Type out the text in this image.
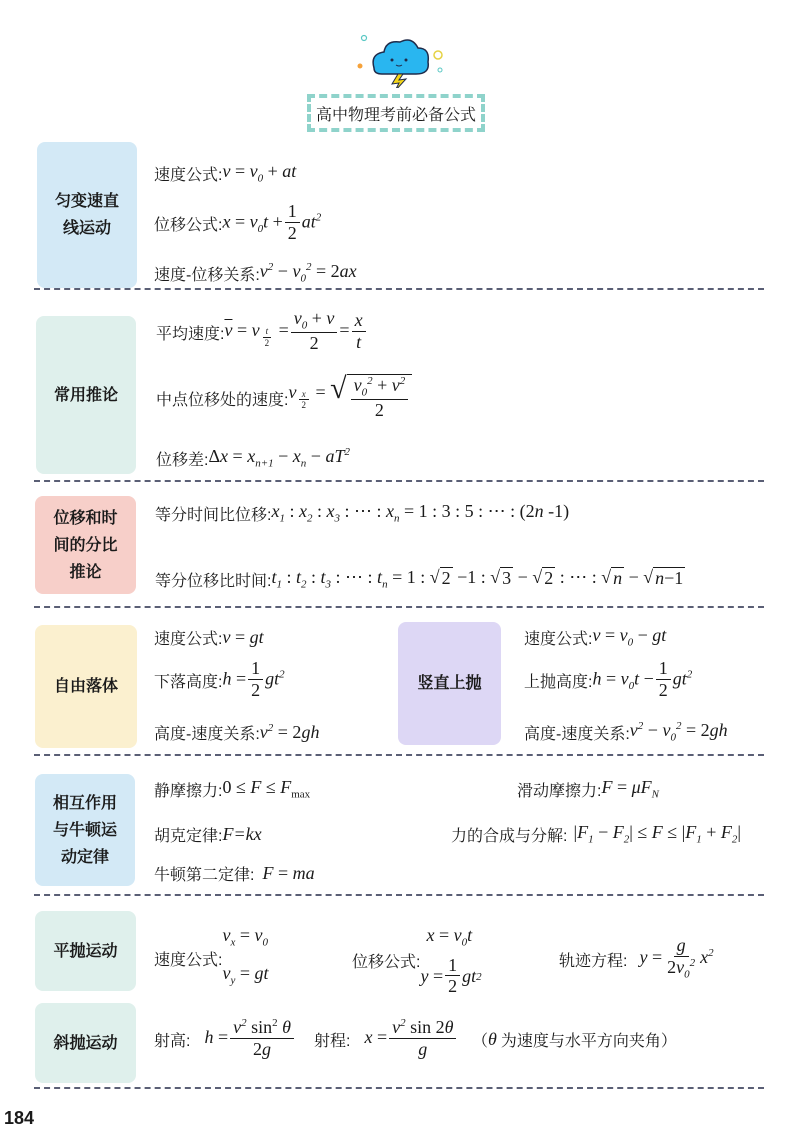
高中物理考前必备公式
匀变速直
线运动
速度公式: $v = v_0$ + at
位移公式: $x = v_0t + \frac{1}{2} at^2$
速度-位移关系: $v^2 - v_0^2 = 2ax$
常用推论
平均速度: $\overline{v} = v$ $_{\frac{t}{2}} = \frac{v_0 + v}{2} = \frac{x}{t}$
中点位移处的速度: v $_{\frac{x}{2}}$ = √ $\frac{v_0^2 + v^2}{2}$
位移差: $\Delta x = x_{n+1} - x_n - aT^2$
位移和时
间的分比
推论
等分时间比位移: $x_1$ : $x_2$ : $x_3$ : ⋯ : $x_n = 1$ : 3 : 5 : ⋯ : (2n -1)
等分位移比时间: $t_1$ : $t_2$ : $t_3$ : ⋯ : $t_n = 1$ : √ 2 −1 : √ 3 − √ 2 : ⋯ : √ n − √ n−1
自由落体
速度公式: v = gt
下落高度: $h = \frac{1}{2} gt^2$
高度-速度关系: $v^2 = 2gh$
竖直上抛
速度公式: $v = v_0$ − gt
上抛高度: $h = v_0t - \frac{1}{2} gt^2$
高度-速度关系: $v^2 - v_0^2 = 2gh$
相互作用
与牛顿运
动定律
静摩擦力: $0 \le F \le F_{max}$	滑动摩擦力: $F = \mu F_N$
胡克定律: F=kx	力的合成与分解: $|F_1 - F_2| \le F \le |F_1 + F_2|$
牛顿第二定律: F = ma
平抛运动
速度公式:
$v_x = v_0$
$v_y$ = gt
位移公式:
$x = v_0t$
$y = \frac{1}{2}$ gt 2
轨迹方程: $y = \frac{g}{2v_0^2} x^2$
斜抛运动 射高: $h = \frac{v^2 \sin^2 \theta}{2g}$ 射程: $x = \frac{v^2 \sin 2\theta}{g}$ （ θ 为速度与水平方向夹角）
184
